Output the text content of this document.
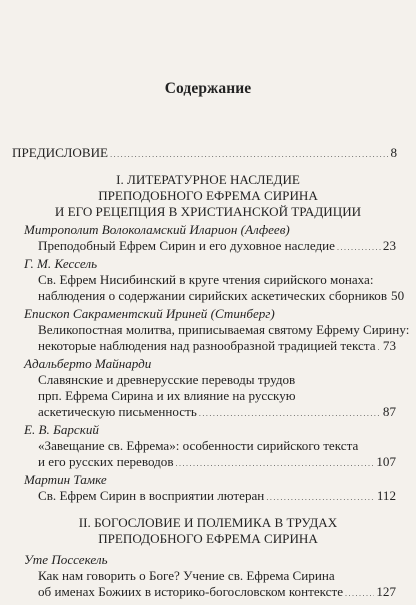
Содержание
ПРЕДИСЛОВИЕ .....	8
I. ЛИТЕРАТУРНОЕ НАСЛЕДИЕ
ПРЕПОДОБНОГО ЕФРЕМА СИРИНА
И ЕГО РЕЦЕПЦИЯ В ХРИСТИАНСКОЙ ТРАДИЦИИ
Митрополит Волоколамский Иларион (Алфеев)
Преподобный Ефрем Сирин и его духовное наследие .....	23
Г. М. Кессель
Св. Ефрем Нисибинский в круге чтения сирийского монаха:
наблюдения о содержании сирийских аскетических сборников 50
Епископ Сакраментский Ириней (Стинберг)
Великопостная молитва, приписываемая святому Ефрему Сирину:
некоторые наблюдения над разнообразной традицией текста ..... 73
Адальберто Майнарди
Славянские и древнерусские переводы трудов
прп. Ефрема Сирина и их влияние на русскую
аскетическую письменность .....	87
Е. В. Барский
«Завещание св. Ефрема»: особенности сирийского текста
и его русских переводов .....	107
Мартин Тамке
Св. Ефрем Сирин в восприятии лютеран .....	112
II. БОГОСЛОВИЕ И ПОЛЕМИКА В ТРУДАХ
ПРЕПОДОБНОГО ЕФРЕМА СИРИНА
Уте Поссекель
Как нам говорить о Боге? Учение св. Ефрема Сирина
об именах Божиих в историко-богословском контексте .....	127
